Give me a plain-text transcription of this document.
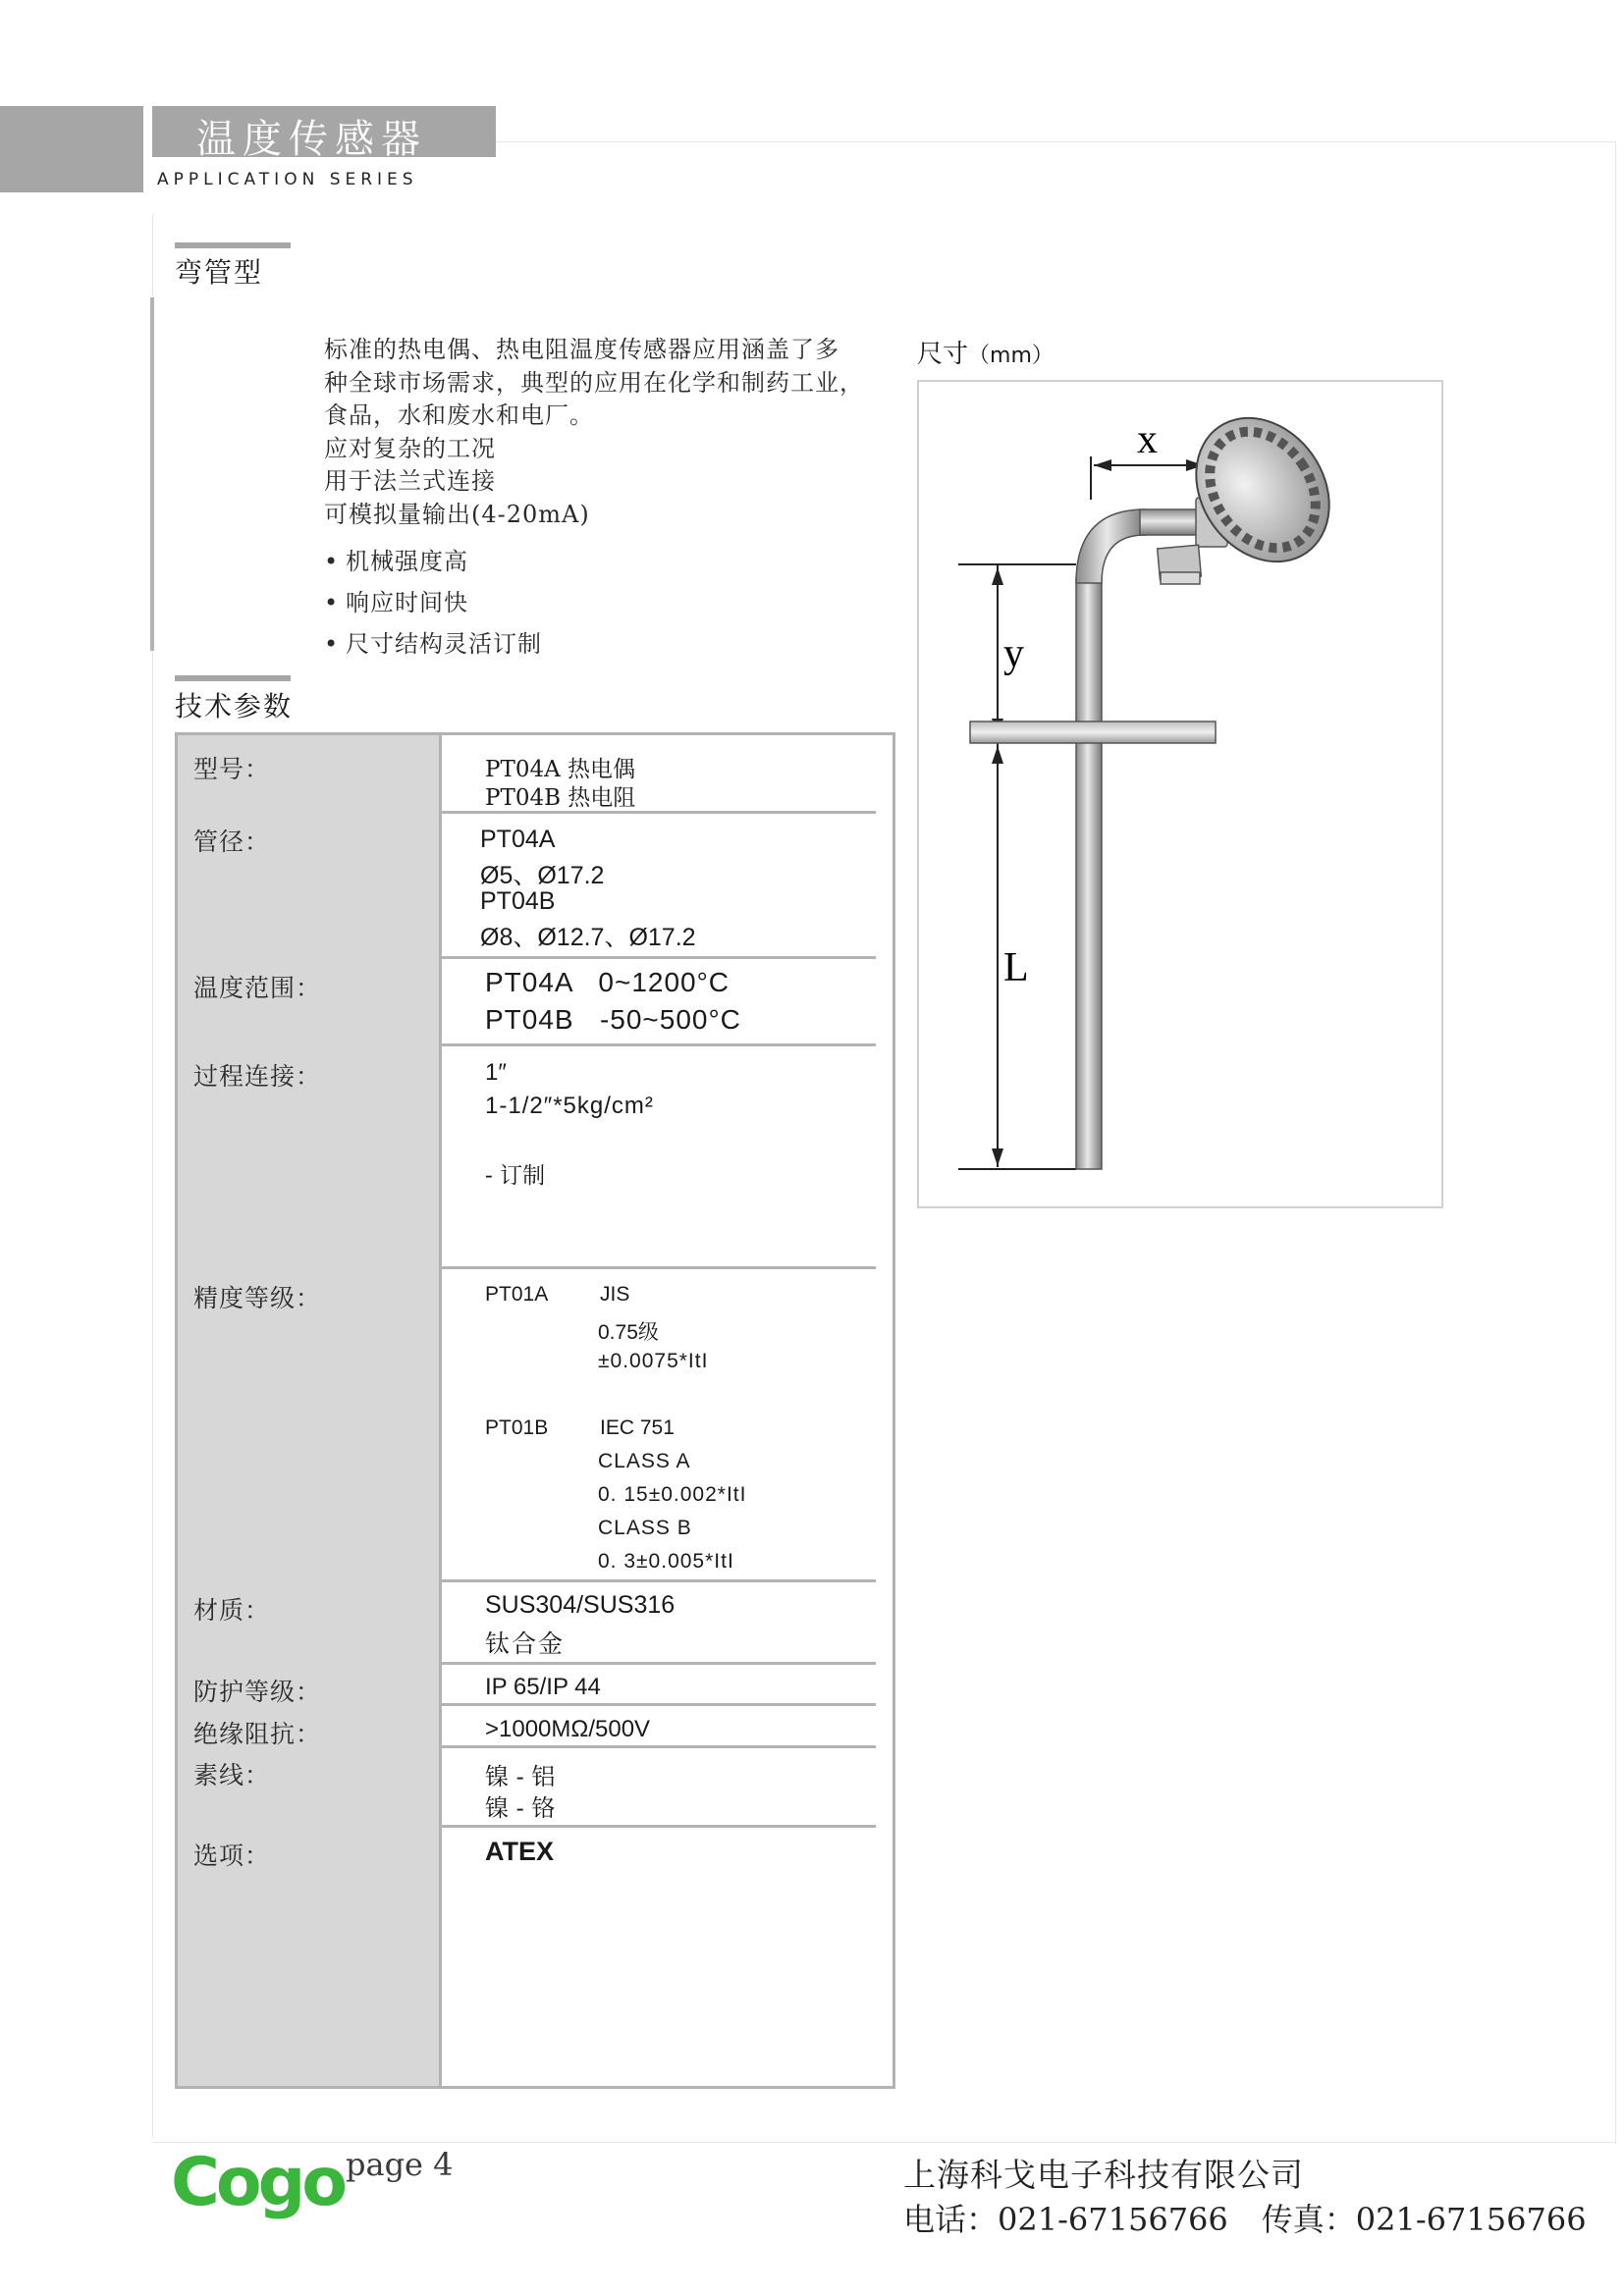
温度传感器
APPLICATION SERIES
弯管型
标准的热电偶、热电阻温度传感器应用涵盖了多
种全球市场需求，典型的应用在化学和制药工业，
食品，水和废水和电厂。
应对复杂的工况
用于法兰式连接
可模拟量输出(4-20mA)
• 机械强度高
• 响应时间快
• 尺寸结构灵活订制
技术参数
型号：	PT04A 热电偶
PT04B 热电阻
管径：	PT04A
Ø5、Ø17.2
PT04B
Ø8、Ø12.7、Ø17.2
温度范围：	PT04A   0~1200°C
PT04B   -50~500°C
过程连接：	1″
1-1/2″*5kg/cm²
- 订制
精度等级：	PT01A	JIS
0.75级
±0.0075*ItI
PT01B	IEC 751
CLASS A
0. 15±0.002*ItI
CLASS B
0. 3±0.005*ItI
材质：	SUS304/SUS316
钛合金
防护等级：	IP 65/IP 44
绝缘阻抗：	>1000MΩ/500V
素线：	镍 - 铝
镍 - 铬
选项：	ATEX
尺寸（mm）
x
y
L
Cogo page 4	上海科戈电子科技有限公司
电话：021-67156766 传真：021-67156766
